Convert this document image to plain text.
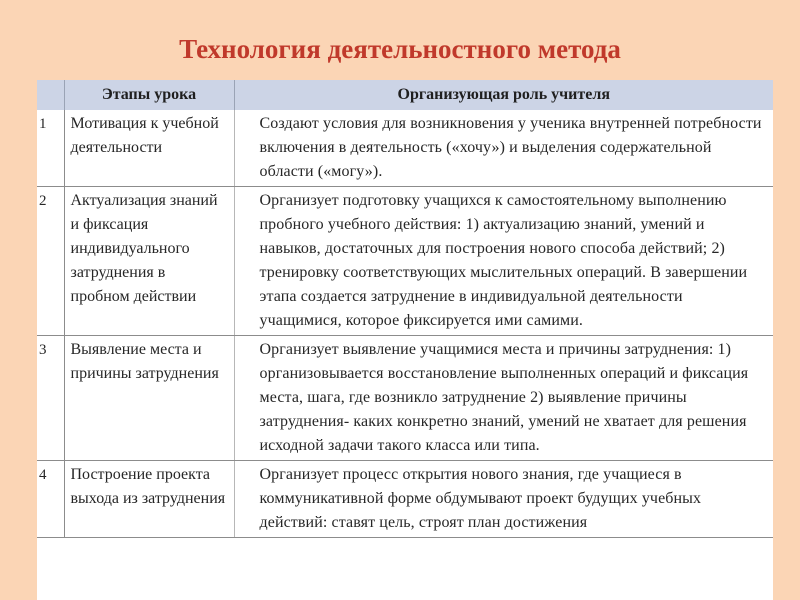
Технология деятельностного метода
	Этапы урока	Организующая роль учителя
1	Мотивация к учебной деятельности	Создают условия для возникновения у ученика внутренней потребности включения в деятельность («хочу») и выделения содержательной области («могу»).
2	Актуализация знаний и фиксация индивидуального затруднения в пробном действии	Организует подготовку учащихся к самостоятельному выполнению пробного учебного действия: 1) актуализацию знаний, умений и навыков, достаточных для построения нового способа действий; 2) тренировку соответствующих мыслительных операций. В завершении этапа создается затруднение в индивидуальной деятельности учащимися, которое фиксируется ими самими.
3	Выявление места и причины затруднения	Организует выявление учащимися места и причины затруднения: 1) организовывается восстановление выполненных операций и фиксация места, шага, где возникло затруднение 2) выявление причины затруднения- каких конкретно знаний, умений не хватает для решения исходной задачи такого класса или типа.
4	Построение проекта выхода из затруднения	Организует процесс открытия нового знания, где учащиеся в коммуникативной форме обдумывают проект будущих учебных действий: ставят цель, строят план достижения
